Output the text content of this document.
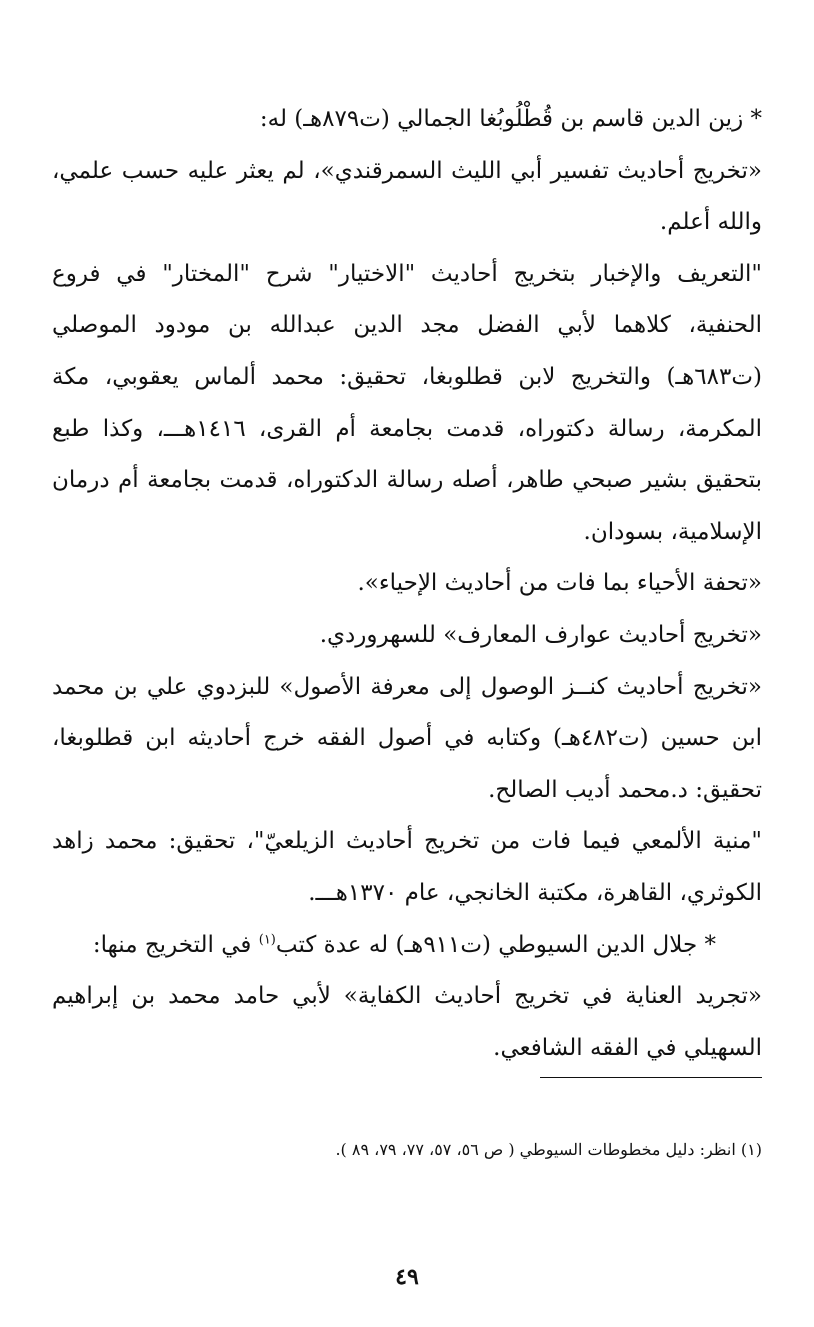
* زين الدين قاسم بن قُطْلُوبُغا الجمالي (ت٨٧٩هـ) له:

«تخريج أحاديث تفسير أبي الليث السمرقندي»، لم يعثر عليه حسب علمي، والله أعلم.

"التعريف والإخبار بتخريج أحاديث "الاختيار" شرح "المختار" في فروع الحنفية، كلاهما لأبي الفضل مجد الدين عبدالله بن مودود الموصلي (ت٦٨٣هـ) والتخريج لابن قطلوبغا، تحقيق: محمد ألماس يعقوبي، مكة المكرمة، رسالة دكتوراه، قدمت بجامعة أم القرى، ١٤١٦هـــ، وكذا طبع بتحقيق بشير صبحي طاهر، أصله رسالة الدكتوراه، قدمت بجامعة أم درمان الإسلامية، بسودان.

«تحفة الأحياء بما فات من أحاديث الإحياء».

«تخريج أحاديث عوارف المعارف» للسهروردي.

«تخريج أحاديث كنــز الوصول إلى معرفة الأصول» للبزدوي علي بن محمد ابن حسين (ت٤٨٢هـ) وكتابه في أصول الفقه خرج أحاديثه ابن قطلوبغا، تحقيق: د.محمد أديب الصالح.

"منية الألمعي فيما فات من تخريج أحاديث الزيلعيّ"، تحقيق: محمد زاهد الكوثري، القاهرة، مكتبة الخانجي، عام ١٣٧٠هـــ.

* جلال الدين السيوطي (ت٩١١هـ) له عدة كتب$^{(١)}$ في التخريج منها:

«تجريد العناية في تخريج أحاديث الكفاية» لأبي حامد محمد بن إبراهيم السهيلي في الفقه الشافعي.

(١) انظر: دليل مخطوطات السيوطي ( ص ٥٦، ٥٧، ٧٧، ٧٩، ٨٩ ).
٤٩
